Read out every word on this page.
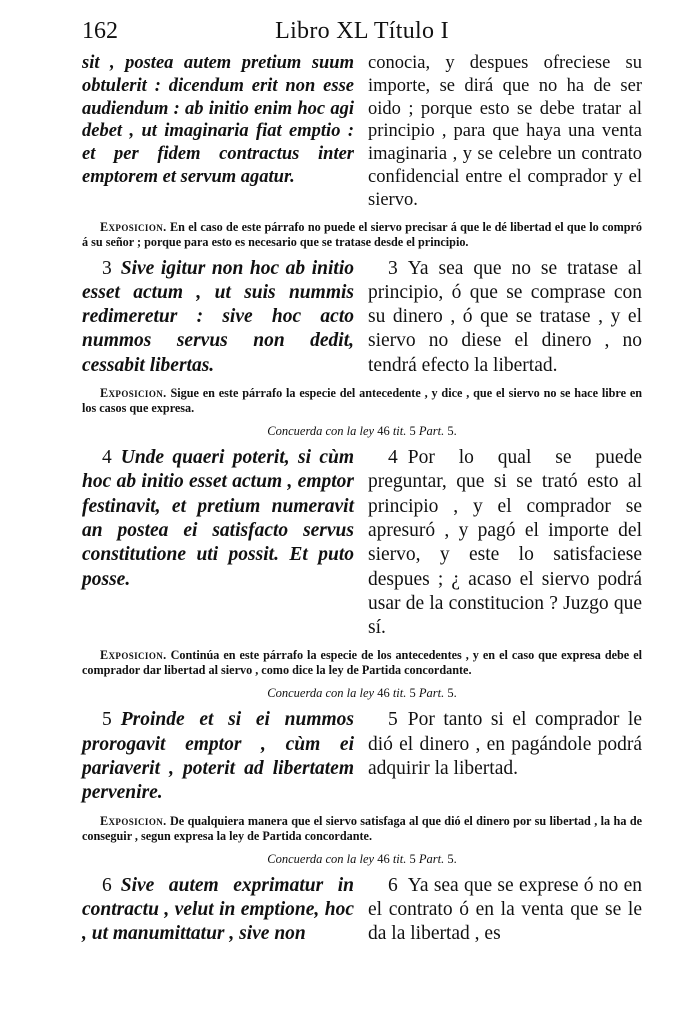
162	Libro XL Título I
sit , postea autem pretium suum obtulerit : dicendum erit non esse audiendum : ab initio enim hoc agi debet , ut imaginaria fiat emptio : et per fidem contractus inter emptorem et servum agatur.
conocia, y despues ofreciese su importe, se dirá que no ha de ser oido ; porque esto se debe tratar al principio , para que haya una venta imaginaria , y se celebre un contrato confidencial entre el comprador y el siervo.
Exposicion. En el caso de este párrafo no puede el siervo precisar á que le dé libertad el que lo compró á su señor ; porque para esto es necesario que se tratase desde el principio.
3 Sive igitur non hoc ab initio esset actum , ut suis nummis redimeretur : sive hoc acto nummos servus non dedit, cessabit libertas.
3 Ya sea que no se tratase al principio, ó que se comprase con su dinero , ó que se tratase , y el siervo no diese el dinero , no tendrá efecto la libertad.
Exposicion. Sigue en este párrafo la especie del antecedente , y dice , que el siervo no se hace libre en los casos que expresa.
Concuerda con la ley 46 tit. 5 Part. 5.
4 Unde quaeri poterit, si cùm hoc ab initio esset actum , emptor festinavit, et pretium numeravit an postea ei satisfacto servus constitutione uti possit. Et puto posse.
4 Por lo qual se puede preguntar, que si se trató esto al principio , y el comprador se apresuró , y pagó el importe del siervo, y este lo satisfaciese despues ; ¿ acaso el siervo podrá usar de la constitucion ? Juzgo que sí.
Exposicion. Continúa en este párrafo la especie de los antecedentes , y en el caso que expresa debe el comprador dar libertad al siervo , como dice la ley de Partida concordante.
Concuerda con la ley 46 tit. 5 Part. 5.
5 Proinde et si ei nummos prorogavit emptor , cùm ei pariaverit , poterit ad libertatem pervenire.
5 Por tanto si el comprador le dió el dinero , en pagándole podrá adquirir la libertad.
Exposicion. De qualquiera manera que el siervo satisfaga al que dió el dinero por su libertad , la ha de conseguir , segun expresa la ley de Partida concordante.
Concuerda con la ley 46 tit. 5 Part. 5.
6 Sive autem exprimatur in contractu , velut in emptione, hoc , ut manumittatur , sive non
6 Ya sea que se exprese ó no en el contrato ó en la venta que se le da la libertad , es
